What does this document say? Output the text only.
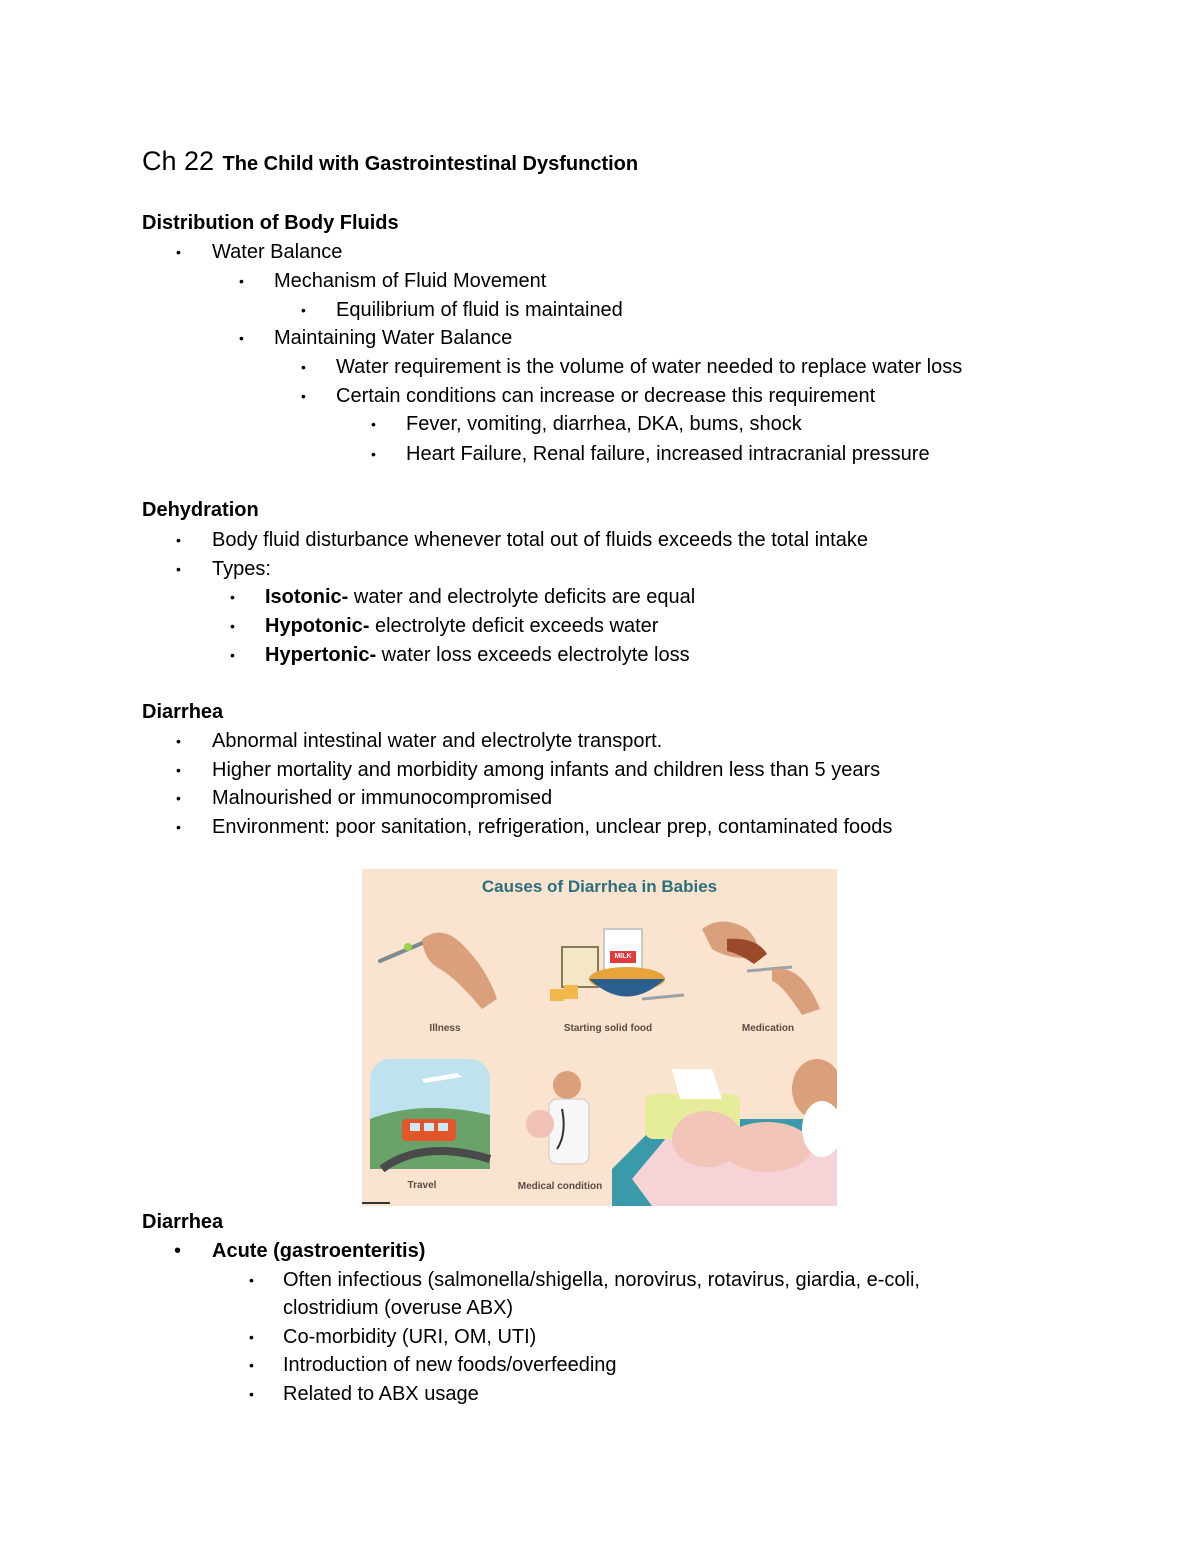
Ch 22 The Child with Gastrointestinal Dysfunction
Distribution of Body Fluids
• Water Balance
• Mechanism of Fluid Movement
• Equilibrium of fluid is maintained
• Maintaining Water Balance
• Water requirement is the volume of water needed to replace water loss
• Certain conditions can increase or decrease this requirement
• Fever, vomiting, diarrhea, DKA, bums, shock
• Heart Failure, Renal failure, increased intracranial pressure
Dehydration
• Body fluid disturbance whenever total out of fluids exceeds the total intake
• Types:
• Isotonic- water and electrolyte deficits are equal
• Hypotonic- electrolyte deficit exceeds water
• Hypertonic- water loss exceeds electrolyte loss
Diarrhea
• Abnormal intestinal water and electrolyte transport.
• Higher mortality and morbidity among infants and children less than 5 years
• Malnourished or immunocompromised
• Environment: poor sanitation, refrigeration, unclear prep, contaminated foods
Causes of Diarrhea in Babies
MILK
Illness	Starting solid food	Medication
Travel	Medical condition
Diarrhea
• Acute (gastroenteritis)
• Often infectious (salmonella/shigella, norovirus, rotavirus, giardia, e-coli,
clostridium (overuse ABX)
• Co-morbidity (URI, OM, UTI)
• Introduction of new foods/overfeeding
• Related to ABX usage
